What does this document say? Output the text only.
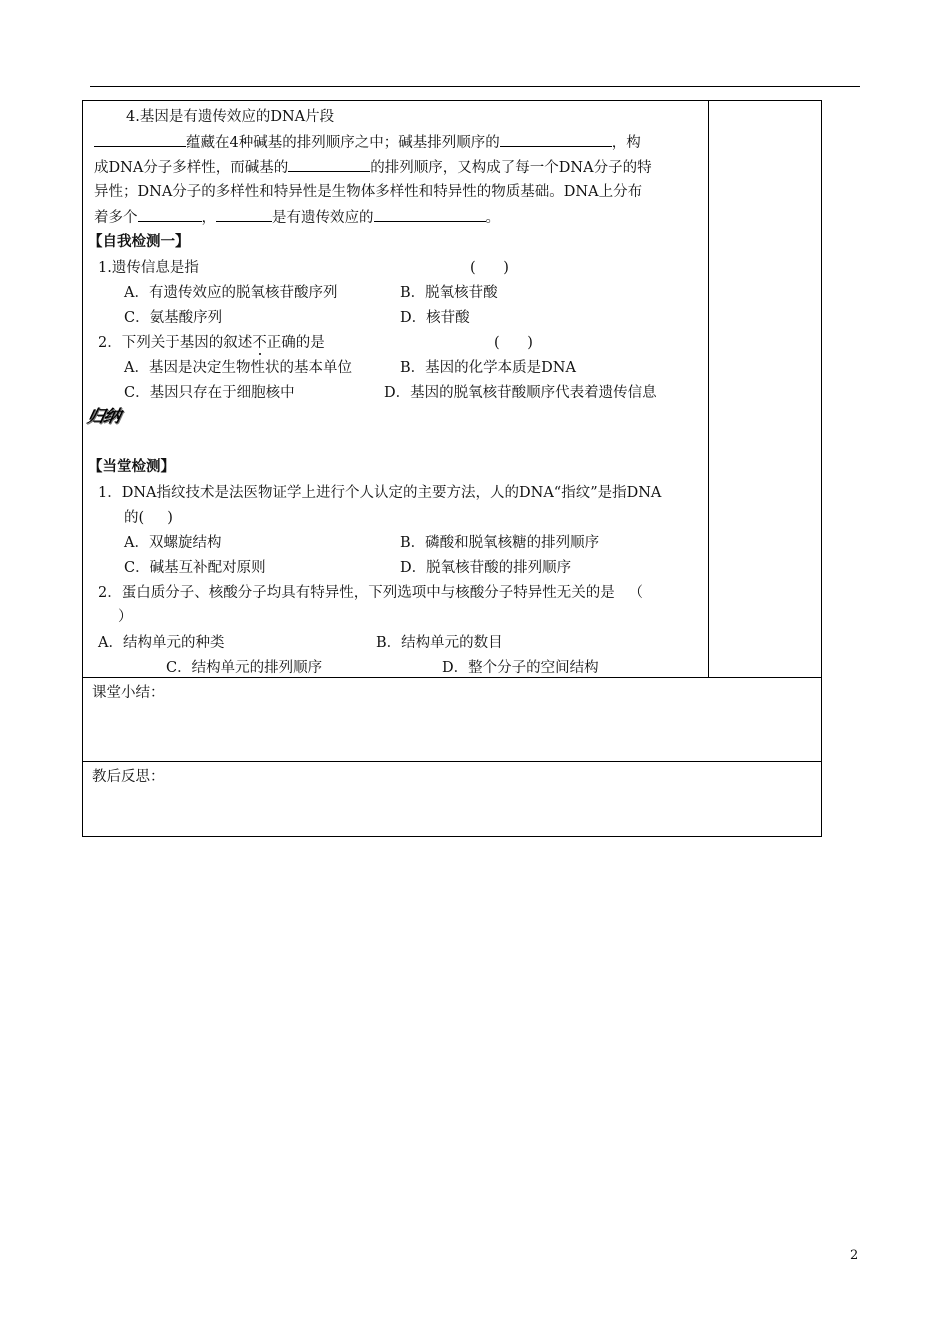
4.基因是有遗传效应的DNA片段
蕴藏在4种碱基的排列顺序之中；碱基排列顺序的	，构
成DNA分子多样性，而碱基的	的排列顺序，又构成了每一个DNA分子的特
异性；DNA分子的多样性和特异性是生物体多样性和特异性的物质基础。DNA上分布
着多个	，	是有遗传效应的	。
【自我检测一】
1.遗传信息是指	(      )
A．有遗传效应的脱氧核苷酸序列	B．脱氧核苷酸
C．氨基酸序列	D．核苷酸
2．下列关于基因的叙述不正确的是	(      )
A．基因是决定生物性状的基本单位	B．基因的化学本质是DNA
C．基因只存在于细胞核中	D．基因的脱氧核苷酸顺序代表着遗传信息
归纳
【当堂检测】
1．DNA指纹技术是法医物证学上进行个人认定的主要方法，人的DNA“指纹”是指DNA
的(     )
A．双螺旋结构	B．磷酸和脱氧核糖的排列顺序
C．碱基互补配对原则	D．脱氧核苷酸的排列顺序
2．蛋白质分子、核酸分子均具有特异性，下列选项中与核酸分子特异性无关的是   （
）
A．结构单元的种类	B．结构单元的数目
C．结构单元的排列顺序	D．整个分子的空间结构
课堂小结：
教后反思：
2
